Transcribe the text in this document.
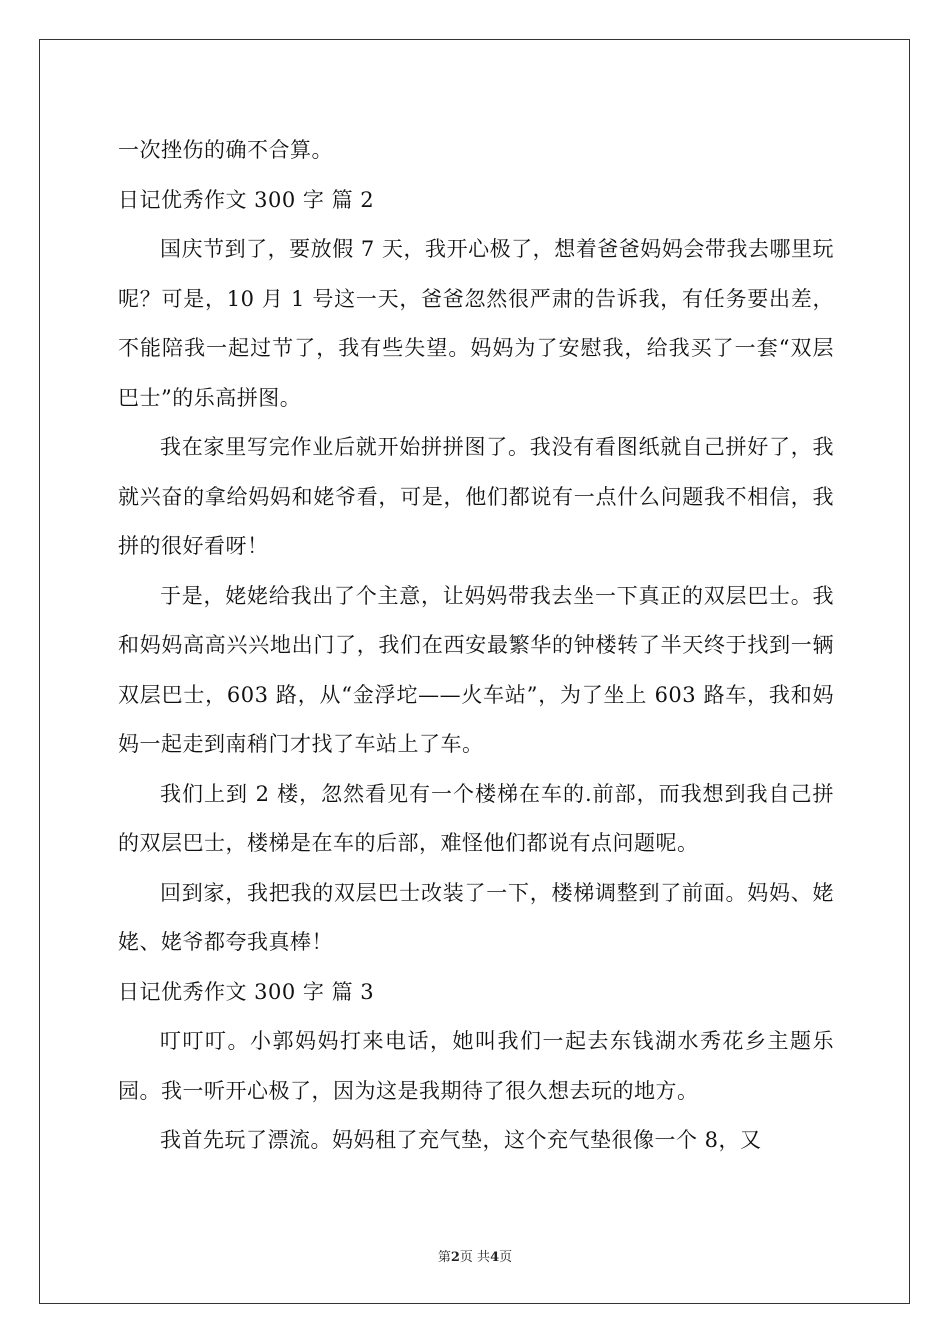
一次挫伤的确不合算。

日记优秀作文 300 字 篇 2

国庆节到了，要放假 7 天，我开心极了，想着爸爸妈妈会带我去哪里玩呢？可是，10 月 1 号这一天，爸爸忽然很严肃的告诉我，有任务要出差，不能陪我一起过节了，我有些失望。妈妈为了安慰我，给我买了一套“双层巴士”的乐高拼图。

我在家里写完作业后就开始拼拼图了。我没有看图纸就自己拼好了，我就兴奋的拿给妈妈和姥爷看，可是，他们都说有一点什么问题我不相信，我拼的很好看呀！

于是，姥姥给我出了个主意，让妈妈带我去坐一下真正的双层巴士。我和妈妈高高兴兴地出门了，我们在西安最繁华的钟楼转了半天终于找到一辆双层巴士，603 路，从“金浮坨——火车站”，为了坐上 603 路车，我和妈妈一起走到南稍门才找了车站上了车。

我们上到 2 楼，忽然看见有一个楼梯在车的.前部，而我想到我自己拼的双层巴士，楼梯是在车的后部，难怪他们都说有点问题呢。

回到家，我把我的双层巴士改装了一下，楼梯调整到了前面。妈妈、姥姥、姥爷都夸我真棒！

日记优秀作文 300 字 篇 3

叮叮叮。小郭妈妈打来电话，她叫我们一起去东钱湖水秀花乡主题乐园。我一听开心极了，因为这是我期待了很久想去玩的地方。

我首先玩了漂流。妈妈租了充气垫，这个充气垫很像一个 8，又

第2页 共4页
